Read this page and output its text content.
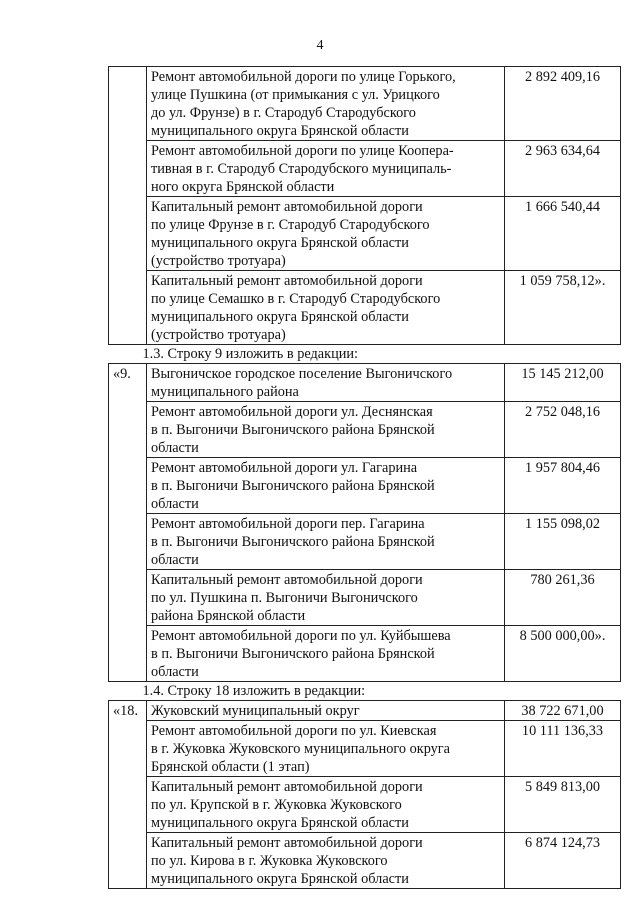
4

	Ремонт автомобильной дороги по улице Горького,
улице Пушкина (от примыкания с ул. Урицкого
до ул. Фрунзе) в г. Стародуб Стародубского
муниципального округа Брянской области	2 892 409,16

	Ремонт автомобильной дороги по улице Коопера-
тивная в г. Стародуб Стародубского муниципаль-
ного округа Брянской области	2 963 634,64

	Капитальный ремонт автомобильной дороги
по улице Фрунзе в г. Стародуб Стародубского
муниципального округа Брянской области
(устройство тротуара)	1 666 540,44

	Капитальный ремонт автомобильной дороги
по улице Семашко в г. Стародуб Стародубского
муниципального округа Брянской области
(устройство тротуара)	1 059 758,12».
1.3. Строку 9 изложить в редакции:		
«9.	Выгоничское городское поселение Выгоничского
муниципального района	15 145 212,00

	Ремонт автомобильной дороги ул. Деснянская
в п. Выгоничи Выгоничского района Брянской
области	2 752 048,16

	Ремонт автомобильной дороги ул. Гагарина
в п. Выгоничи Выгоничского района Брянской
области	1 957 804,46

	Ремонт автомобильной дороги пер. Гагарина
в п. Выгоничи Выгоничского района Брянской
области	1 155 098,02

	Капитальный ремонт автомобильной дороги
по ул. Пушкина п. Выгоничи Выгоничского
района Брянской области	780 261,36

	Ремонт автомобильной дороги по ул. Куйбышева
в п. Выгоничи Выгоничского района Брянской
области	8 500 000,00».
1.4. Строку 18 изложить в редакции:		
«18.	Жуковский муниципальный округ	38 722 671,00

	Ремонт автомобильной дороги по ул. Киевская
в г. Жуковка Жуковского муниципального округа
Брянской области (1 этап)	10 111 136,33

	Капитальный ремонт автомобильной дороги
по ул. Крупской в г. Жуковка Жуковского
муниципального округа Брянской области	5 849 813,00

	Капитальный ремонт автомобильной дороги
по ул. Кирова в г. Жуковка Жуковского
муниципального округа Брянской области	6 874 124,73
